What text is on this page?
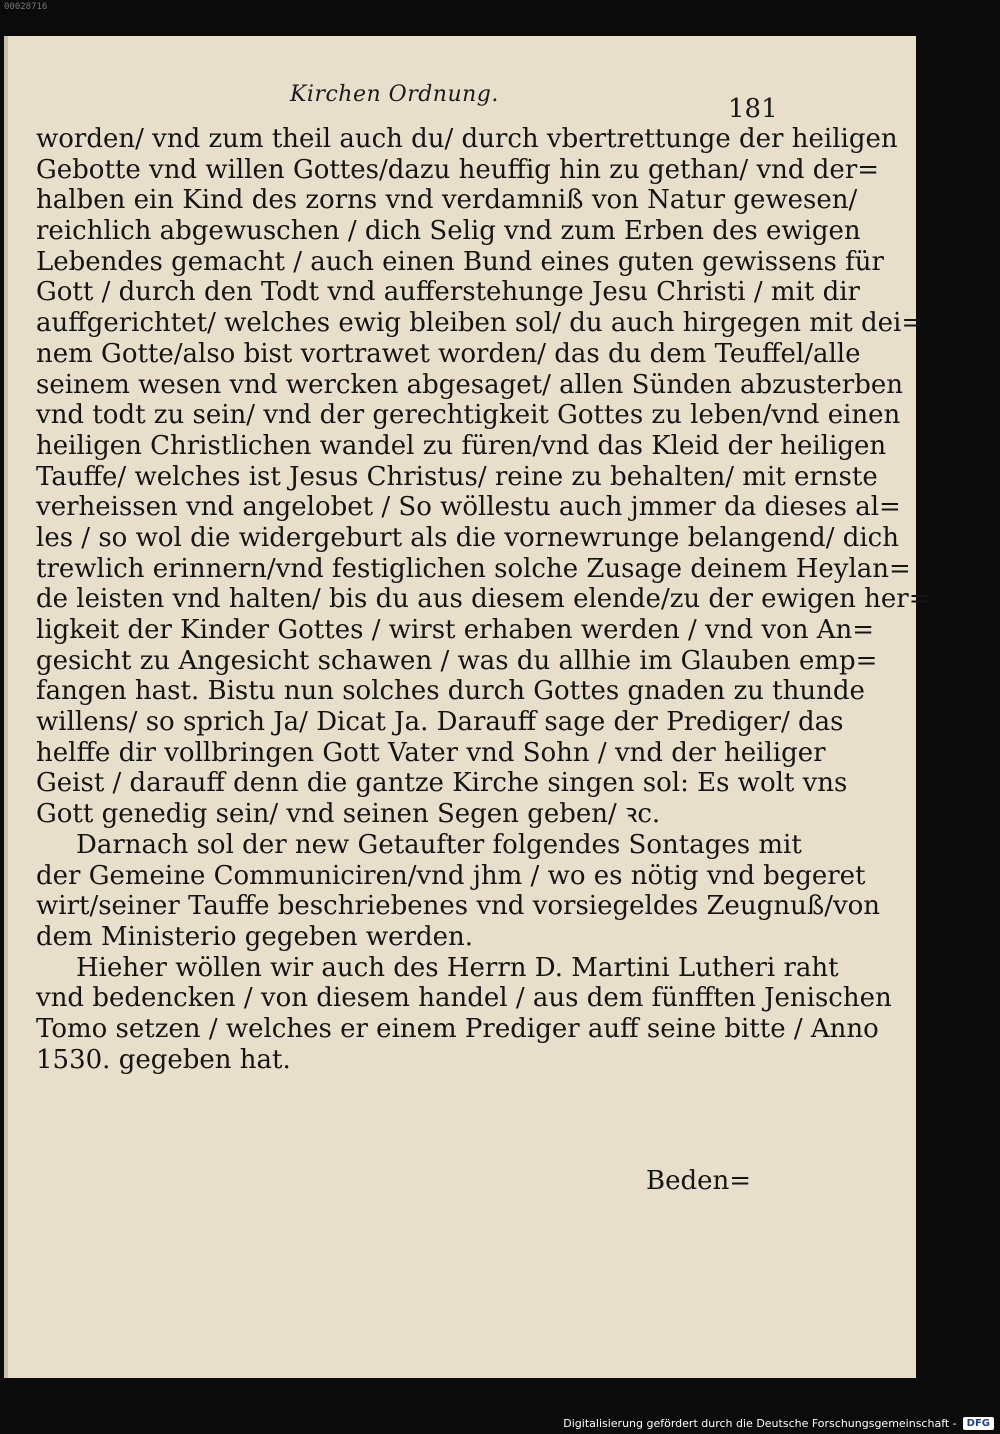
00028716
Kirchen Ordnung.	181
worden/ vnd zum theil auch du/ durch vbertrettunge der heiligen
Gebotte vnd willen Gottes/dazu heuffig hin zu gethan/ vnd der=
halben ein Kind des zorns vnd verdamniß von Natur gewesen/
reichlich abgewuschen / dich Selig vnd zum Erben des ewigen
Lebendes gemacht / auch einen Bund eines guten gewissens für
Gott / durch den Todt vnd aufferstehunge Jesu Christi / mit dir
auffgerichtet/ welches ewig bleiben sol/ du auch hirgegen mit dei=
nem Gotte/also bist vortrawet worden/ das du dem Teuffel/alle
seinem wesen vnd wercken abgesaget/ allen Sünden abzusterben
vnd todt zu sein/ vnd der gerechtigkeit Gottes zu leben/vnd einen
heiligen Christlichen wandel zu füren/vnd das Kleid der heiligen
Tauffe/ welches ist Jesus Christus/ reine zu behalten/ mit ernste
verheissen vnd angelobet / So wöllestu auch jmmer da dieses al=
les / so wol die widergeburt als die vornewrunge belangend/ dich
trewlich erinnern/vnd festiglichen solche Zusage deinem Heylan=
de leisten vnd halten/ bis du aus diesem elende/zu der ewigen her=
ligkeit der Kinder Gottes / wirst erhaben werden / vnd von An=
gesicht zu Angesicht schawen / was du allhie im Glauben emp=
fangen hast. Bistu nun solches durch Gottes gnaden zu thunde
willens/ so sprich Ja/ Dicat Ja. Darauff sage der Prediger/ das
helffe dir vollbringen Gott Vater vnd Sohn / vnd der heiliger
Geist / darauff denn die gantze Kirche singen sol: Es wolt vns
Gott genedig sein/ vnd seinen Segen geben/ ꝛc.
Darnach sol der new Getaufter folgendes Sontages mit
der Gemeine Communiciren/vnd jhm / wo es nötig vnd begeret
wirt/seiner Tauffe beschriebenes vnd vorsiegeldes Zeugnuß/von
dem Ministerio gegeben werden.
Hieher wöllen wir auch des Herrn D. Martini Lutheri raht
vnd bedencken / von diesem handel / aus dem fünfften Jenischen
Tomo setzen / welches er einem Prediger auff seine bitte / Anno
1530. gegeben hat.
Beden=
Digitalisierung gefördert durch die Deutsche Forschungsgemeinschaft -	DFG
